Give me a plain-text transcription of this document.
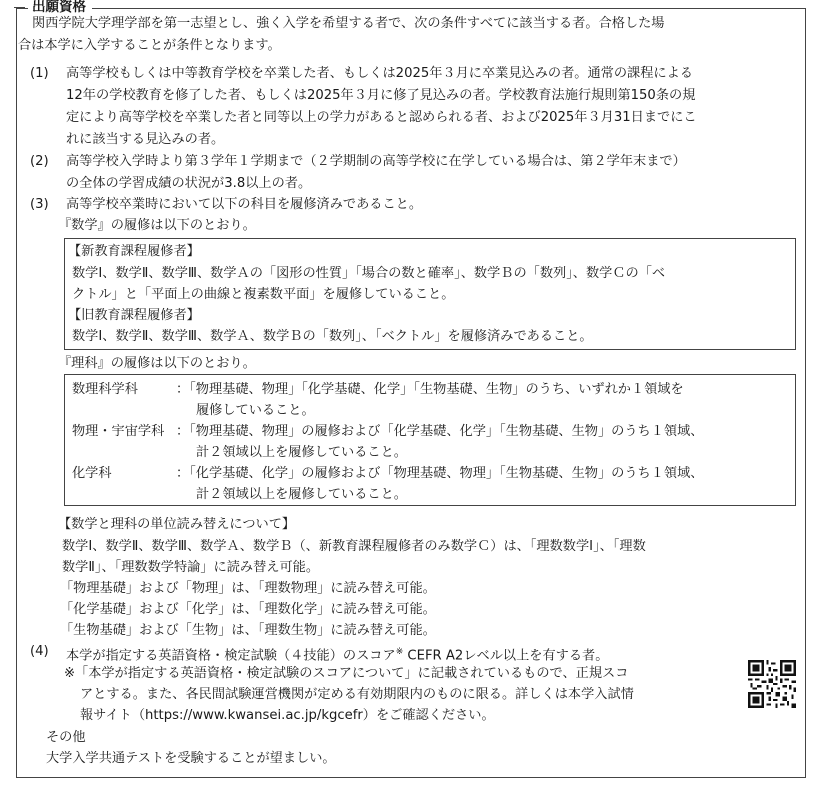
出願資格
関西学院大学理学部を第一志望とし、強く入学を希望する者で、次の条件すべてに該当する者。合格した場
合は本学に入学することが条件となります。
(1) 高等学校もしくは中等教育学校を卒業した者、もしくは2025年３月に卒業見込みの者。通常の課程による
12年の学校教育を修了した者、もしくは2025年３月に修了見込みの者。学校教育法施行規則第150条の規
定により高等学校を卒業した者と同等以上の学力があると認められる者、および2025年３月31日までにこ
れに該当する見込みの者。
(2) 高等学校入学時より第３学年１学期まで（２学期制の高等学校に在学している場合は、第２学年末まで）
の全体の学習成績の状況が3.8以上の者。
(3) 高等学校卒業時において以下の科目を履修済みであること。
『数学』の履修は以下のとおり。
【新教育課程履修者】
数学Ⅰ、数学Ⅱ、数学Ⅲ、数学Ａの「図形の性質」「場合の数と確率」、数学Ｂの「数列」、数学Ｃの「ベ
クトル」と「平面上の曲線と複素数平面」を履修していること。
【旧教育課程履修者】
数学Ⅰ、数学Ⅱ、数学Ⅲ、数学Ａ、数学Ｂの「数列」、「ベクトル」を履修済みであること。
『理科』の履修は以下のとおり。
数理科学科	：「物理基礎、物理」「化学基礎、化学」「生物基礎、生物」のうち、いずれか１領域を
履修していること。
物理・宇宙学科 ：「物理基礎、物理」の履修および「化学基礎、化学」「生物基礎、生物」のうち１領域、
計２領域以上を履修していること。
化学科	：「化学基礎、化学」の履修および「物理基礎、物理」「生物基礎、生物」のうち１領域、
計２領域以上を履修していること。
【数学と理科の単位読み替えについて】
数学Ⅰ、数学Ⅱ、数学Ⅲ、数学Ａ、数学Ｂ（、新教育課程履修者のみ数学Ｃ）は、「理数数学Ⅰ」、「理数
数学Ⅱ」、「理数数学特論」に読み替え可能。
「物理基礎」および「物理」は、「理数物理」に読み替え可能。
「化学基礎」および「化学」は、「理数化学」に読み替え可能。
「生物基礎」および「生物」は、「理数生物」に読み替え可能。
(4) 本学が指定する英語資格・検定試験（４技能）のスコア※ CEFR A2レベル以上を有する者。
※「本学が指定する英語資格・検定試験のスコアについて」に記載されているもので、正規スコ
アとする。また、各民間試験運営機関が定める有効期限内のものに限る。詳しくは本学入試情
報サイト（https://www.kwansei.ac.jp/kgcefr）をご確認ください。
その他
大学入学共通テストを受験することが望ましい。
